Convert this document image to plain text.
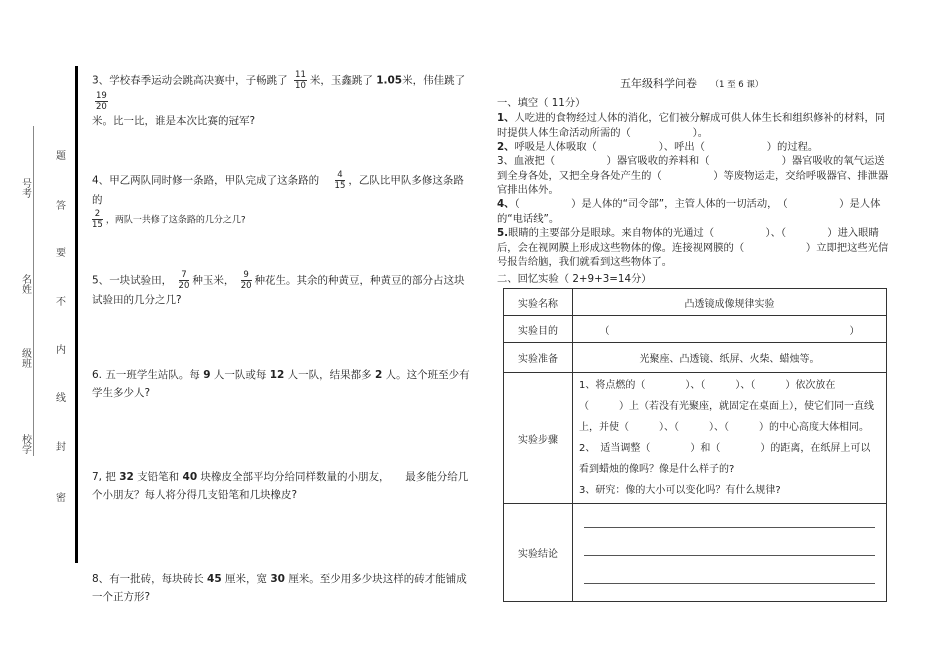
号考
名姓
级班
校学
题
答
要
不
内
线
封
密
3、学校春季运动会跳高决赛中，子畅跳了 $\frac{11}{10}$ 米，玉鑫跳了 1.05米，伟佳跳了
$\frac{19}{20}$

米。比一比，谁是本次比赛的冠军?
4、甲乙两队同时修一条路，甲队完成了这条路的 $\frac{4}{15}$ ，乙队比甲队多修这条路的

$\frac{2}{15}$ ，两队一共修了这条路的几分之几?
5、一块试验田， $\frac{7}{20}$ 种玉米， $\frac{9}{20}$ 种花生。其余的种黄豆，种黄豆的部分占这块试验田的几分之几?
6. 五一班学生站队。每 9 人一队或每 12 人一队，结果都多 2 人。这个班至少有学生多少人?
7, 把 32 支铅笔和 40 块橡皮全部平均分给同样数量的小朋友，　　最多能分给几个小朋友？每人将分得几支铅笔和几块橡皮?
8、有一批砖，每块砖长 45 厘米，宽 30 厘米。至少用多少块这样的砖才能铺成一个正方形?
五年级科学问卷 （1 至 6 课）
一、填空（ 11分）
1、人吃进的食物经过人体的消化，它们被分解成可供人体生长和组织修补的材料，同时提供人体生命活动所需的（　　　　　　）。
2、呼吸是人体吸取（　　　　　　）、呼出（　　　　　　）的过程。
3、血液把（　　　　　）器官吸收的养料和（　　　　　　　）器官吸收的氧气运送到全身各处，又把全身各处产生的（　　　　　）等废物运走，交给呼吸器官、排泄器官排出体外。
4、（　　　　　）是人体的“司令部”，主管人体的一切活动，　（　　　　　）是人体的“电话线”。
5.眼睛的主要部分是眼球。来自物体的光通过（　　　　　）、（　　　　）进入眼睛后，会在视网膜上形成这些物体的像。连接视网膜的（　　　　　　）立即把这些光信号报告给脑，我们就看到这些物体了。
二、回忆实验（ 2+9+3=14分）
实验名称	凸透镜成像规律实验
实验目的	（　　　　　　　　　　　　　　　　　　　　　　　　）
实验准备	光聚座、凸透镜、纸屏、火柴、蜡烛等。
实验步骤	1、将点燃的（　　　　）、（　　　）、（　　　）依次放在（　　　）上（若没有光聚座，就固定在桌面上），使它们同一直线上，并使（　　　）、（　　　）、（　　　）的中心高度大体相同。
2、　适当调整（　　　　）和（　　　　）的距离，在纸屏上可以看到蜡烛的像吗？像是什么样子的?
3、研究：像的大小可以变化吗？有什么规律?

实验结论	
